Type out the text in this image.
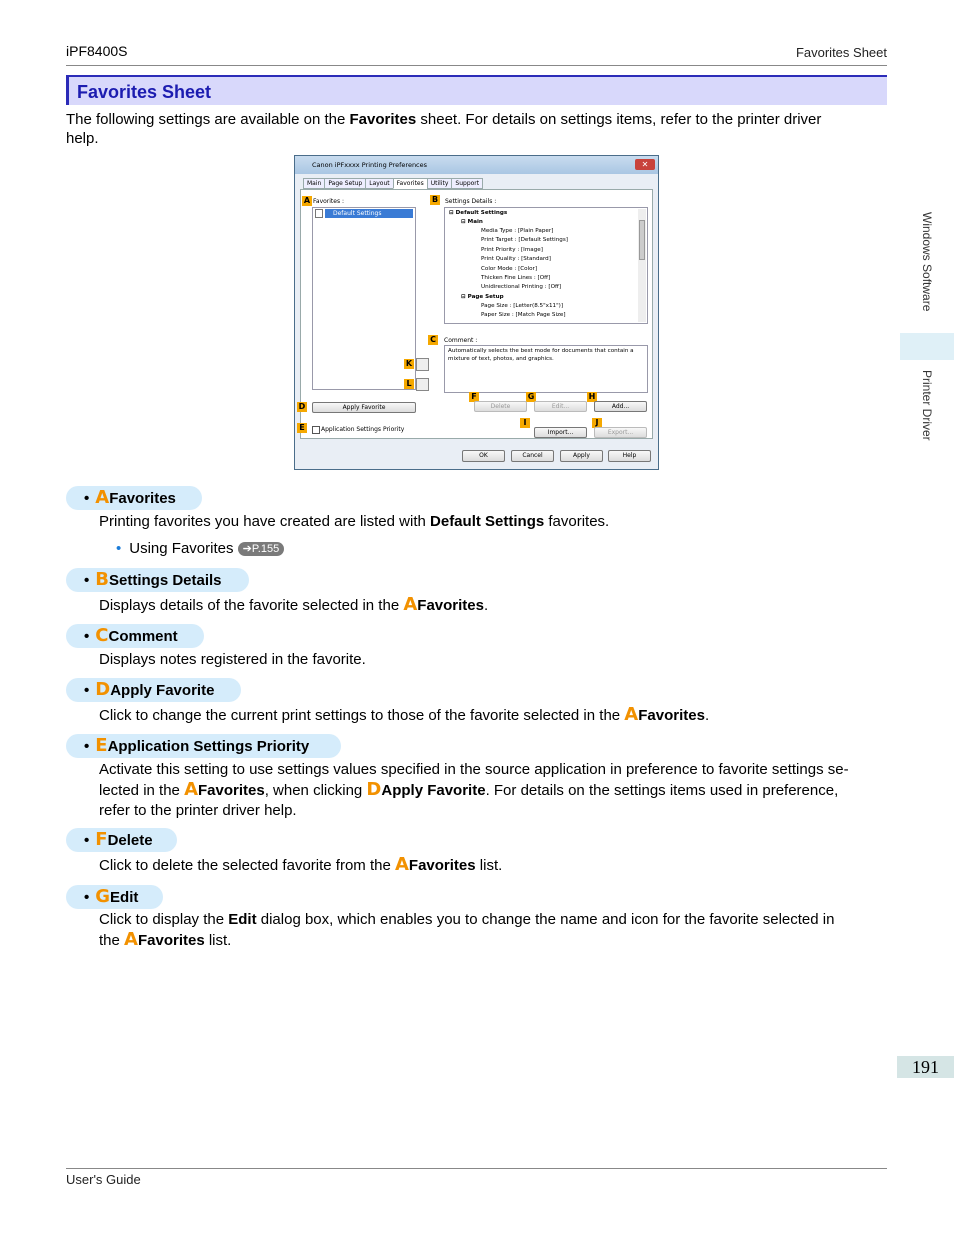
iPF8400S	Favorites Sheet
Favorites Sheet
The following settings are available on the Favorites sheet. For details on settings items, refer to the printer driver
help.
Canon iPFxxxx Printing Preferences	✕
Main Page Setup Layout Favorites Utility Support
A Favorites :
Default Settings
B	Settings Details :
⊟ Default Settings
⊟ Main
Media Type : [Plain Paper]
Print Target : [Default Settings]
Print Priority : [Image]
Print Quality : [Standard]
Color Mode : [Color]
Thicken Fine Lines : [Off]
Unidirectional Printing : [Off]
⊟ Page Setup
Page Size : [Letter(8.5"x11")]
Paper Size : [Match Page Size]
C	Comment :
Automatically selects the best mode for documents that contain a
mixture of text, photos, and graphics.
K
L
F	G	H
D	Apply Favorite	Delete	Edit...	Add...
E	Application Settings Priority
I	J
Import...	Export...
OK	Cancel	Apply	Help
• AFavorites
Printing favorites you have created are listed with Default Settings favorites.
• Using Favorites ➔P.155
• BSettings Details
Displays details of the favorite selected in the AFavorites.
• CComment
Displays notes registered in the favorite.
• DApply Favorite
Click to change the current print settings to those of the favorite selected in the AFavorites.
• EApplication Settings Priority
Activate this setting to use settings values specified in the source application in preference to favorite settings se-
lected in the AFavorites, when clicking DApply Favorite. For details on the settings items used in preference,
refer to the printer driver help.
• FDelete
Click to delete the selected favorite from the AFavorites list.
• GEdit
Click to display the Edit dialog box, which enables you to change the name and icon for the favorite selected in
the AFavorites list.
Windows Software
Printer Driver
191
User's Guide
